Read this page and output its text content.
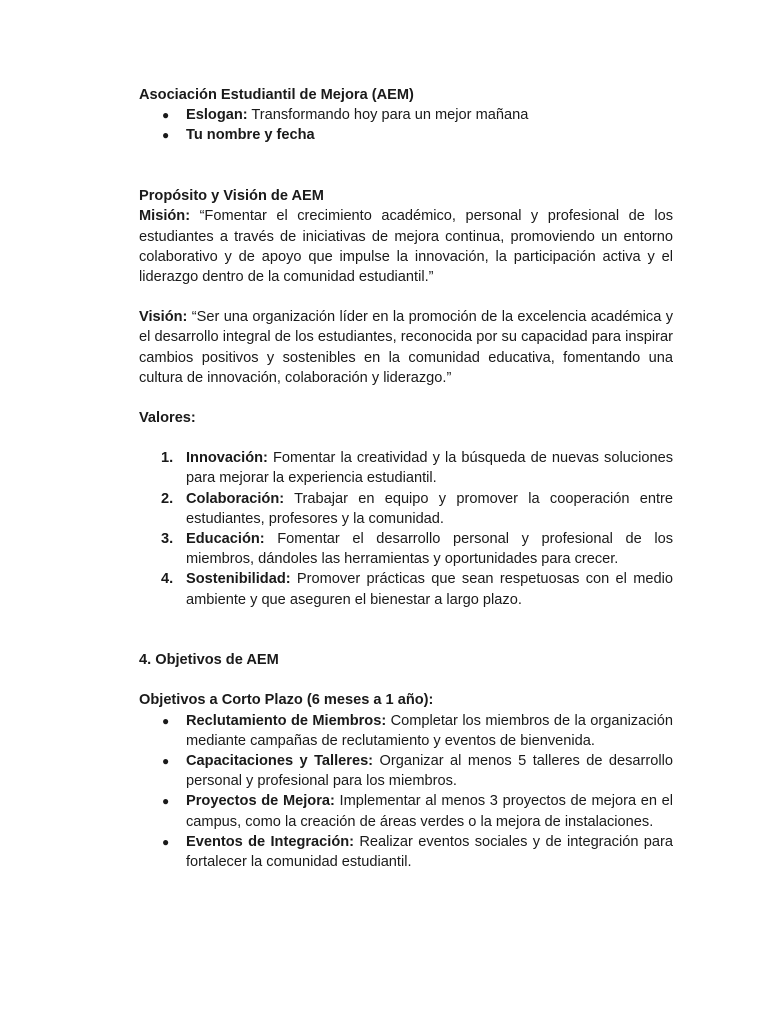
Asociación Estudiantil de Mejora (AEM)

● Eslogan: Transformando hoy para un mejor mañana
● Tu nombre y fecha

Propósito y Visión de AEM

Misión: “Fomentar el crecimiento académico, personal y profesional de los estudiantes a través de iniciativas de mejora continua, promoviendo un entorno colaborativo y de apoyo que impulse la innovación, la participación activa y el liderazgo dentro de la comunidad estudiantil.”

Visión: “Ser una organización líder en la promoción de la excelencia académica y el desarrollo integral de los estudiantes, reconocida por su capacidad para inspirar cambios positivos y sostenibles en la comunidad educativa, fomentando una cultura de innovación, colaboración y liderazgo.”

Valores:

1. Innovación: Fomentar la creatividad y la búsqueda de nuevas soluciones para mejorar la experiencia estudiantil.
2. Colaboración: Trabajar en equipo y promover la cooperación entre estudiantes, profesores y la comunidad.
3. Educación: Fomentar el desarrollo personal y profesional de los miembros, dándoles las herramientas y oportunidades para crecer.
4. Sostenibilidad: Promover prácticas que sean respetuosas con el medio ambiente y que aseguren el bienestar a largo plazo.

4. Objetivos de AEM

Objetivos a Corto Plazo (6 meses a 1 año):

● Reclutamiento de Miembros: Completar los miembros de la organización mediante campañas de reclutamiento y eventos de bienvenida.
● Capacitaciones y Talleres: Organizar al menos 5 talleres de desarrollo personal y profesional para los miembros.
● Proyectos de Mejora: Implementar al menos 3 proyectos de mejora en el campus, como la creación de áreas verdes o la mejora de instalaciones.
● Eventos de Integración: Realizar eventos sociales y de integración para fortalecer la comunidad estudiantil.
